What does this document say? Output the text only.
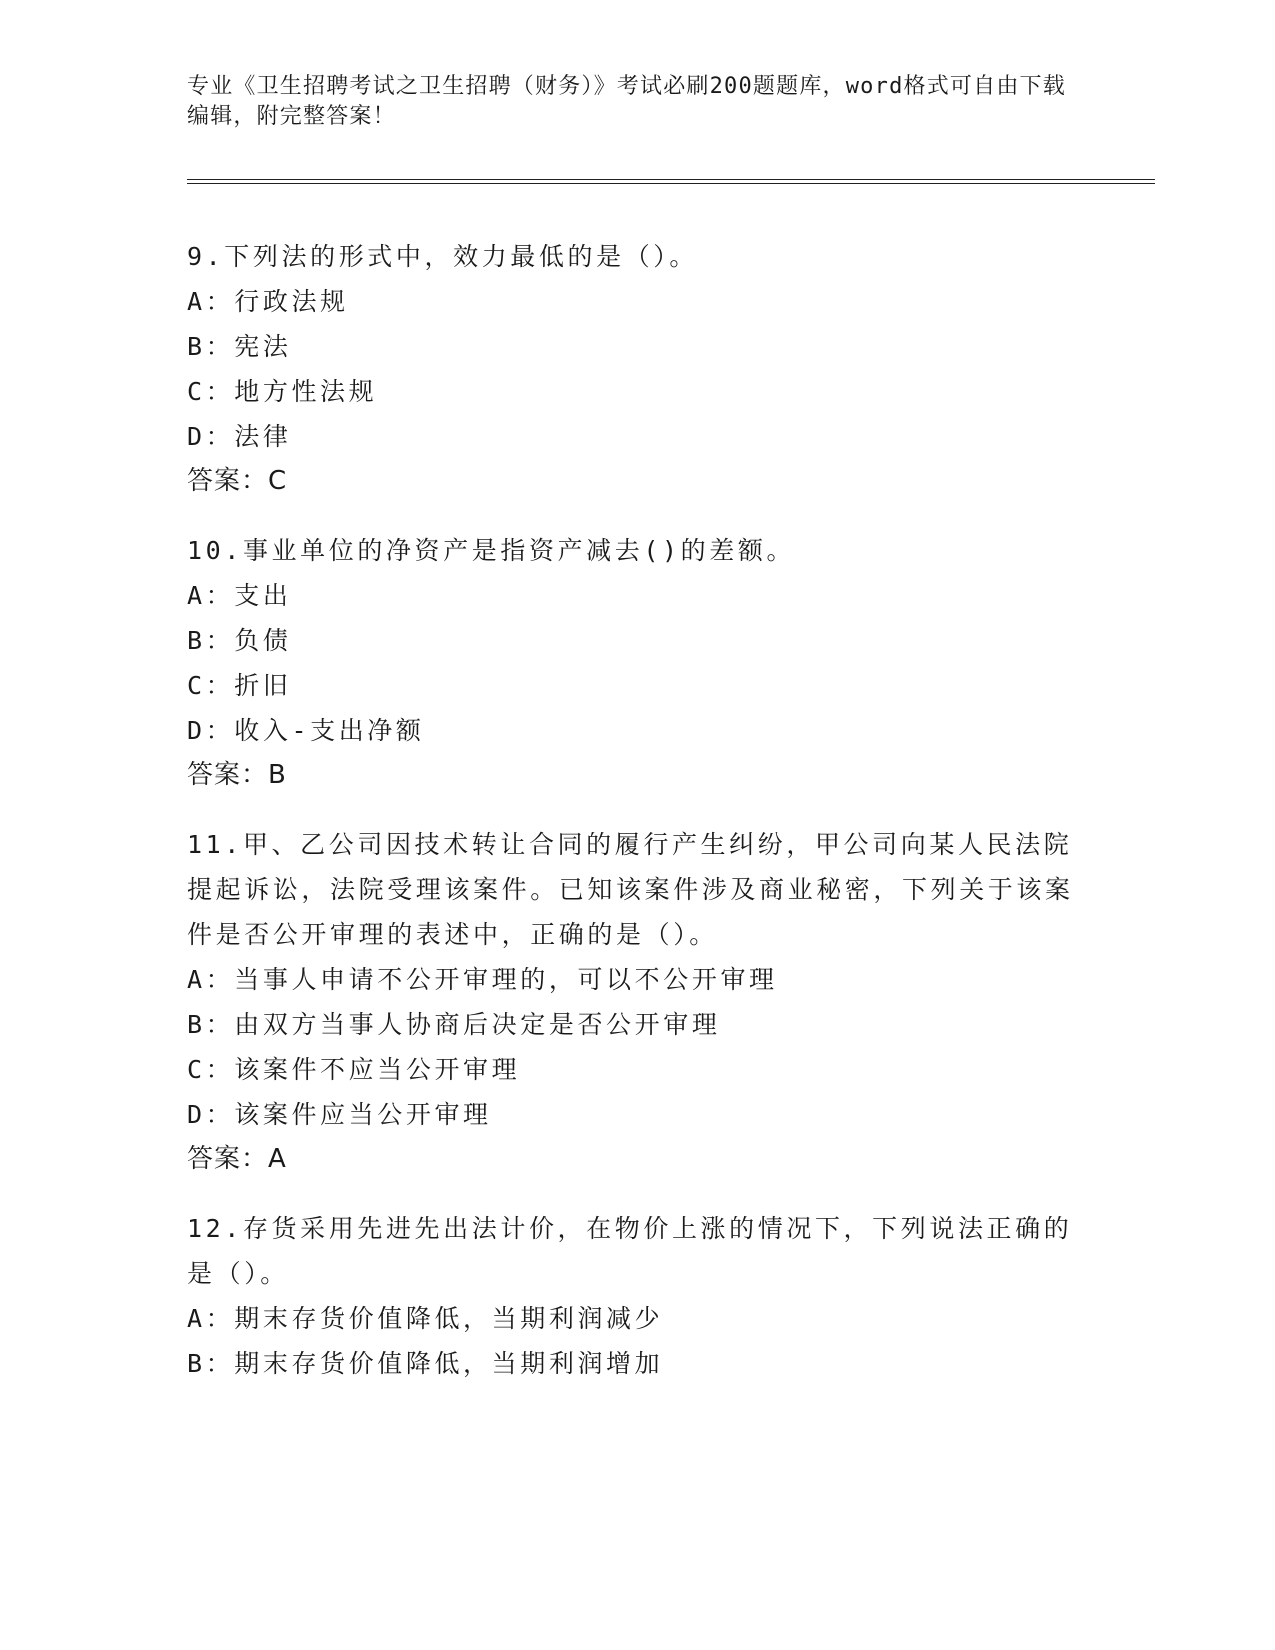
专业《卫生招聘考试之卫生招聘（财务）》考试必刷200题题库，word格式可自由下载编辑，附完整答案！

9.下列法的形式中，效力最低的是（）。

A：行政法规

B：宪法

C：地方性法规

D：法律

答案：C

10.事业单位的净资产是指资产减去()的差额。

A：支出

B：负债

C：折旧

D：收入-支出净额

答案：B

11.甲、乙公司因技术转让合同的履行产生纠纷，甲公司向某人民法院提起诉讼，法院受理该案件。已知该案件涉及商业秘密，下列关于该案件是否公开审理的表述中，正确的是（）。

A：当事人申请不公开审理的，可以不公开审理

B：由双方当事人协商后决定是否公开审理

C：该案件不应当公开审理

D：该案件应当公开审理

答案：A

12.存货采用先进先出法计价，在物价上涨的情况下，下列说法正确的是（）。

A：期末存货价值降低，当期利润减少

B：期末存货价值降低，当期利润增加
